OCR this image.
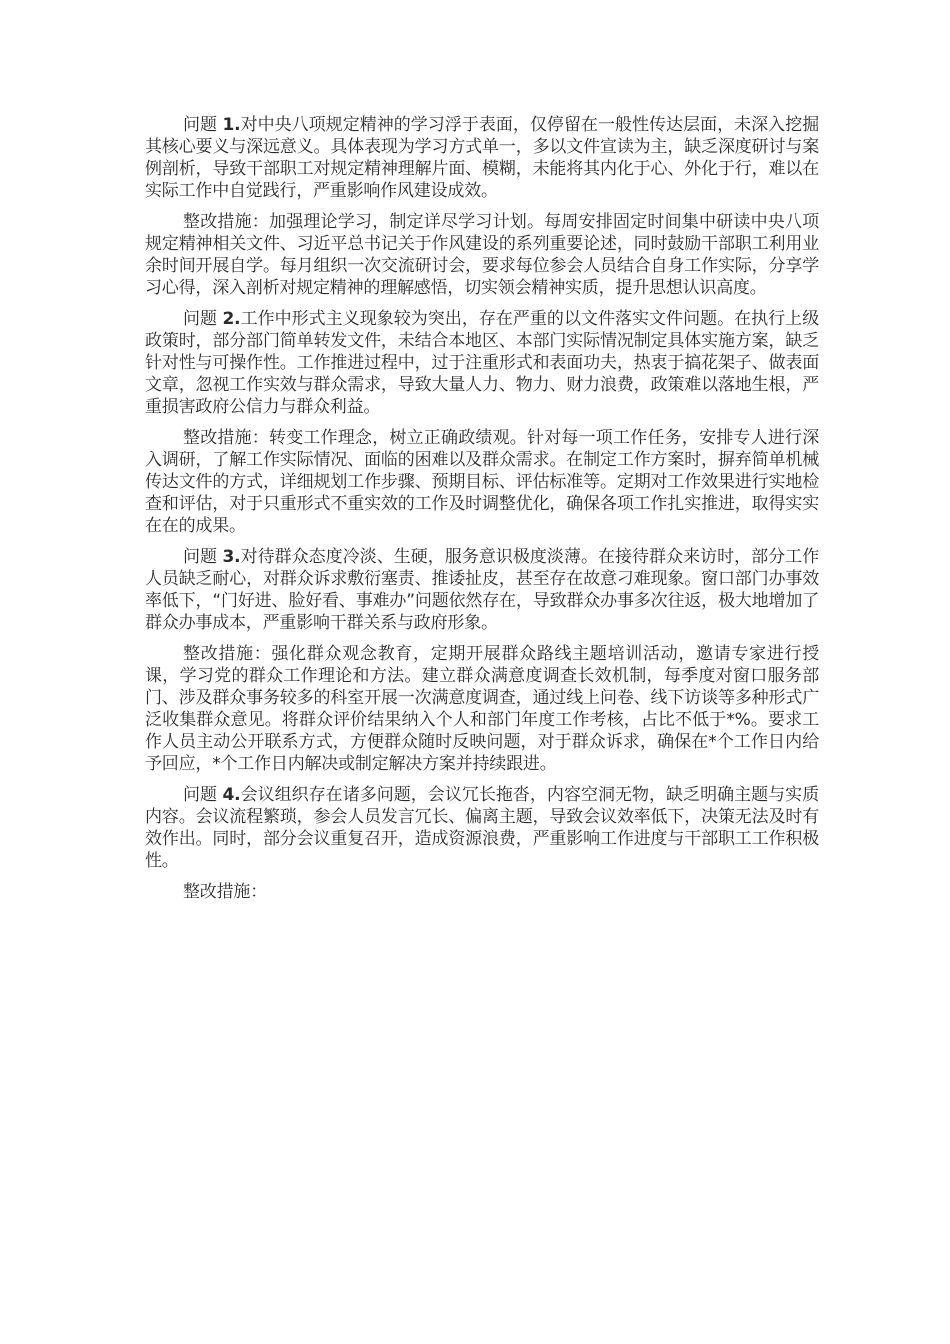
问题 1.对中央八项规定精神的学习浮于表面，仅停留在一般性传达层面，未深入挖掘其核心要义与深远意义。具体表现为学习方式单一，多以文件宣读为主，缺乏深度研讨与案例剖析，导致干部职工对规定精神理解片面、模糊，未能将其内化于心、外化于行，难以在实际工作中自觉践行，严重影响作风建设成效。

整改措施：加强理论学习，制定详尽学习计划。每周安排固定时间集中研读中央八项规定精神相关文件、习近平总书记关于作风建设的系列重要论述，同时鼓励干部职工利用业余时间开展自学。每月组织一次交流研讨会，要求每位参会人员结合自身工作实际，分享学习心得，深入剖析对规定精神的理解感悟，切实领会精神实质，提升思想认识高度。

问题 2.工作中形式主义现象较为突出，存在严重的以文件落实文件问题。在执行上级政策时，部分部门简单转发文件，未结合本地区、本部门实际情况制定具体实施方案，缺乏针对性与可操作性。工作推进过程中，过于注重形式和表面功夫，热衷于搞花架子、做表面文章，忽视工作实效与群众需求，导致大量人力、物力、财力浪费，政策难以落地生根，严重损害政府公信力与群众利益。

整改措施：转变工作理念，树立正确政绩观。针对每一项工作任务，安排专人进行深入调研，了解工作实际情况、面临的困难以及群众需求。在制定工作方案时，摒弃简单机械传达文件的方式，详细规划工作步骤、预期目标、评估标准等。定期对工作效果进行实地检查和评估，对于只重形式不重实效的工作及时调整优化，确保各项工作扎实推进，取得实实在在的成果。

问题 3.对待群众态度冷淡、生硬，服务意识极度淡薄。在接待群众来访时，部分工作人员缺乏耐心，对群众诉求敷衍塞责、推诿扯皮，甚至存在故意刁难现象。窗口部门办事效率低下，“门好进、脸好看、事难办”问题依然存在，导致群众办事多次往返，极大地增加了群众办事成本，严重影响干群关系与政府形象。

整改措施：强化群众观念教育，定期开展群众路线主题培训活动，邀请专家进行授课，学习党的群众工作理论和方法。建立群众满意度调查长效机制，每季度对窗口服务部门、涉及群众事务较多的科室开展一次满意度调查，通过线上问卷、线下访谈等多种形式广泛收集群众意见。将群众评价结果纳入个人和部门年度工作考核，占比不低于*%。要求工作人员主动公开联系方式，方便群众随时反映问题，对于群众诉求，确保在*个工作日内给予回应，*个工作日内解决或制定解决方案并持续跟进。

问题 4.会议组织存在诸多问题，会议冗长拖沓，内容空洞无物，缺乏明确主题与实质内容。会议流程繁琐，参会人员发言冗长、偏离主题，导致会议效率低下，决策无法及时有效作出。同时，部分会议重复召开，造成资源浪费，严重影响工作进度与干部职工工作积极性。

整改措施：
